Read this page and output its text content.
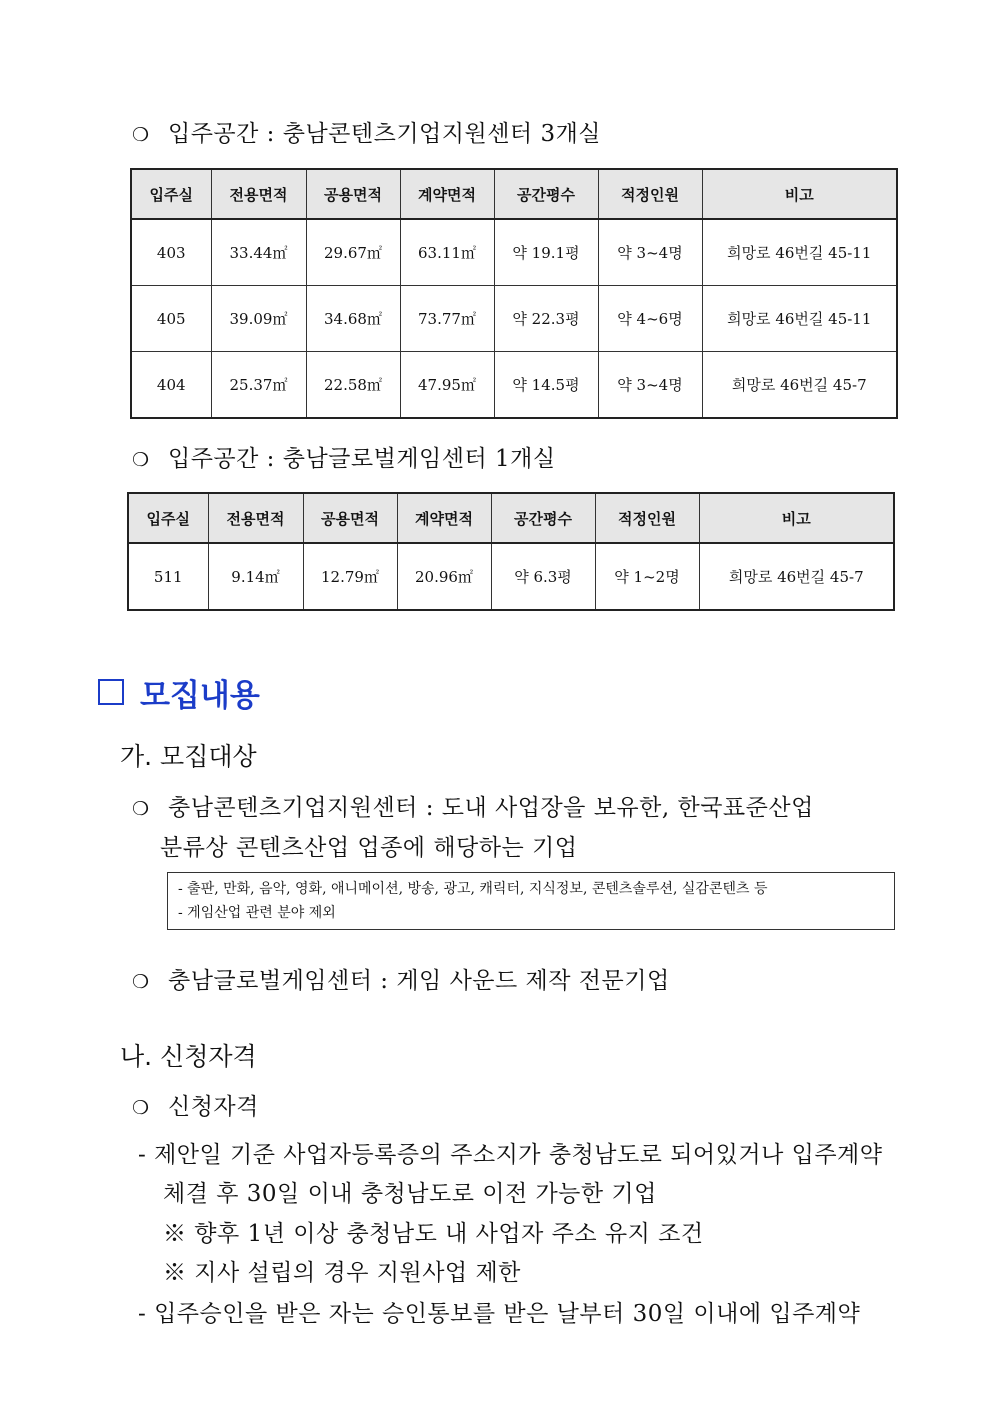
❍ 입주공간 : 충남콘텐츠기업지원센터 3개실
입주실	전용면적	공용면적	계약면적	공간평수	적정인원	비고
403	33.44㎡	29.67㎡	63.11㎡	약 19.1평	약 3~4명	희망로 46번길 45-11
405	39.09㎡	34.68㎡	73.77㎡	약 22.3평	약 4~6명	희망로 46번길 45-11
404	25.37㎡	22.58㎡	47.95㎡	약 14.5평	약 3~4명	희망로 46번길 45-7
❍ 입주공간 : 충남글로벌게임센터 1개실
입주실	전용면적	공용면적	계약면적	공간평수	적정인원	비고
511	9.14㎡	12.79㎡	20.96㎡	약 6.3평	약 1~2명	희망로 46번길 45-7
모집내용
가. 모집대상
❍ 충남콘텐츠기업지원센터 : 도내 사업장을 보유한, 한국표준산업
분류상 콘텐츠산업 업종에 해당하는 기업
- 출판, 만화, 음악, 영화, 애니메이션, 방송, 광고, 캐릭터, 지식정보, 콘텐츠솔루션, 실감콘텐츠 등
- 게임산업 관련 분야 제외
❍ 충남글로벌게임센터 : 게임 사운드 제작 전문기업
나. 신청자격
❍ 신청자격
- 제안일 기준 사업자등록증의 주소지가 충청남도로 되어있거나 입주계약
체결 후 30일 이내 충청남도로 이전 가능한 기업
※ 향후 1년 이상 충청남도 내 사업자 주소 유지 조건
※ 지사 설립의 경우 지원사업 제한
- 입주승인을 받은 자는 승인통보를 받은 날부터 30일 이내에 입주계약
